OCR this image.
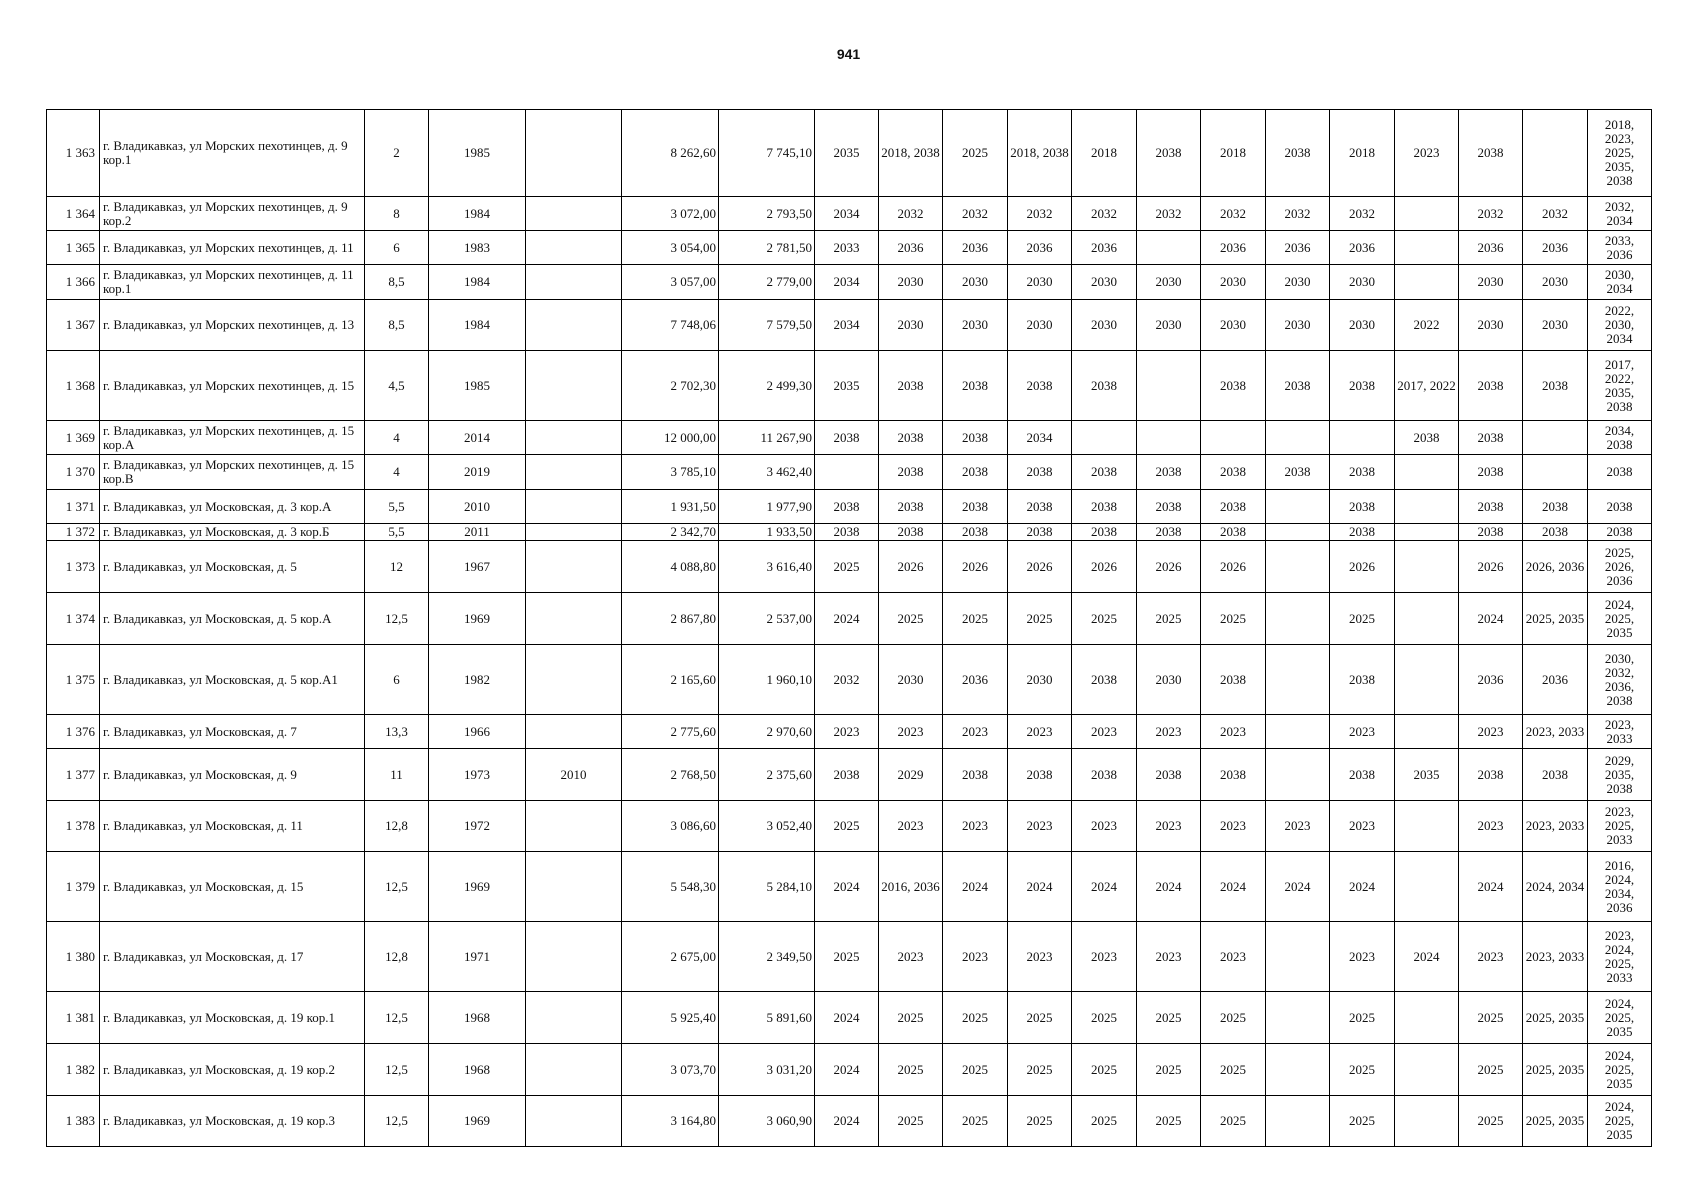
941
1 363	г. Владикавказ, ул Морских пехотинцев, д. 9 кор.1	2	1985		8 262,60	7 745,10	2035	2018, 2038	2025	2018, 2038	2018	2038	2018	2038	2018	2023	2038		2018,
2023,
2025,
2035,
2038
1 364	г. Владикавказ, ул Морских пехотинцев, д. 9 кор.2	8	1984		3 072,00	2 793,50	2034	2032	2032	2032	2032	2032	2032	2032	2032		2032	2032	2032,
2034
1 365	г. Владикавказ, ул Морских пехотинцев, д. 11	6	1983		3 054,00	2 781,50	2033	2036	2036	2036	2036		2036	2036	2036		2036	2036	2033,
2036
1 366	г. Владикавказ, ул Морских пехотинцев, д. 11 кор.1	8,5	1984		3 057,00	2 779,00	2034	2030	2030	2030	2030	2030	2030	2030	2030		2030	2030	2030,
2034
1 367	г. Владикавказ, ул Морских пехотинцев, д. 13	8,5	1984		7 748,06	7 579,50	2034	2030	2030	2030	2030	2030	2030	2030	2030	2022	2030	2030	2022,
2030,
2034
1 368	г. Владикавказ, ул Морских пехотинцев, д. 15	4,5	1985		2 702,30	2 499,30	2035	2038	2038	2038	2038		2038	2038	2038	2017, 2022	2038	2038	2017,
2022,
2035,
2038
1 369	г. Владикавказ, ул Морских пехотинцев, д. 15 кор.А	4	2014		12 000,00	11 267,90	2038	2038	2038	2034						2038	2038		2034,
2038
1 370	г. Владикавказ, ул Морских пехотинцев, д. 15 кор.В	4	2019		3 785,10	3 462,40		2038	2038	2038	2038	2038	2038	2038	2038		2038		2038
1 371	г. Владикавказ, ул Московская, д. 3 кор.А	5,5	2010		1 931,50	1 977,90	2038	2038	2038	2038	2038	2038	2038		2038		2038	2038	2038
1 372	г. Владикавказ, ул Московская, д. 3 кор.Б	5,5	2011		2 342,70	1 933,50	2038	2038	2038	2038	2038	2038	2038		2038		2038	2038	2038
1 373	г. Владикавказ, ул Московская, д. 5	12	1967		4 088,80	3 616,40	2025	2026	2026	2026	2026	2026	2026		2026		2026	2026, 2036	2025,
2026,
2036
1 374	г. Владикавказ, ул Московская, д. 5 кор.А	12,5	1969		2 867,80	2 537,00	2024	2025	2025	2025	2025	2025	2025		2025		2024	2025, 2035	2024,
2025,
2035
1 375	г. Владикавказ, ул Московская, д. 5 кор.А1	6	1982		2 165,60	1 960,10	2032	2030	2036	2030	2038	2030	2038		2038		2036	2036	2030,
2032,
2036,
2038
1 376	г. Владикавказ, ул Московская, д. 7	13,3	1966		2 775,60	2 970,60	2023	2023	2023	2023	2023	2023	2023		2023		2023	2023, 2033	2023,
2033
1 377	г. Владикавказ, ул Московская, д. 9	11	1973	2010	2 768,50	2 375,60	2038	2029	2038	2038	2038	2038	2038		2038	2035	2038	2038	2029,
2035,
2038
1 378	г. Владикавказ, ул Московская, д. 11	12,8	1972		3 086,60	3 052,40	2025	2023	2023	2023	2023	2023	2023	2023	2023		2023	2023, 2033	2023,
2025,
2033
1 379	г. Владикавказ, ул Московская, д. 15	12,5	1969		5 548,30	5 284,10	2024	2016, 2036	2024	2024	2024	2024	2024	2024	2024		2024	2024, 2034	2016,
2024,
2034,
2036
1 380	г. Владикавказ, ул Московская, д. 17	12,8	1971		2 675,00	2 349,50	2025	2023	2023	2023	2023	2023	2023		2023	2024	2023	2023, 2033	2023,
2024,
2025,
2033
1 381	г. Владикавказ, ул Московская, д. 19 кор.1	12,5	1968		5 925,40	5 891,60	2024	2025	2025	2025	2025	2025	2025		2025		2025	2025, 2035	2024,
2025,
2035
1 382	г. Владикавказ, ул Московская, д. 19 кор.2	12,5	1968		3 073,70	3 031,20	2024	2025	2025	2025	2025	2025	2025		2025		2025	2025, 2035	2024,
2025,
2035
1 383	г. Владикавказ, ул Московская, д. 19 кор.3	12,5	1969		3 164,80	3 060,90	2024	2025	2025	2025	2025	2025	2025		2025		2025	2025, 2035	2024,
2025,
2035
